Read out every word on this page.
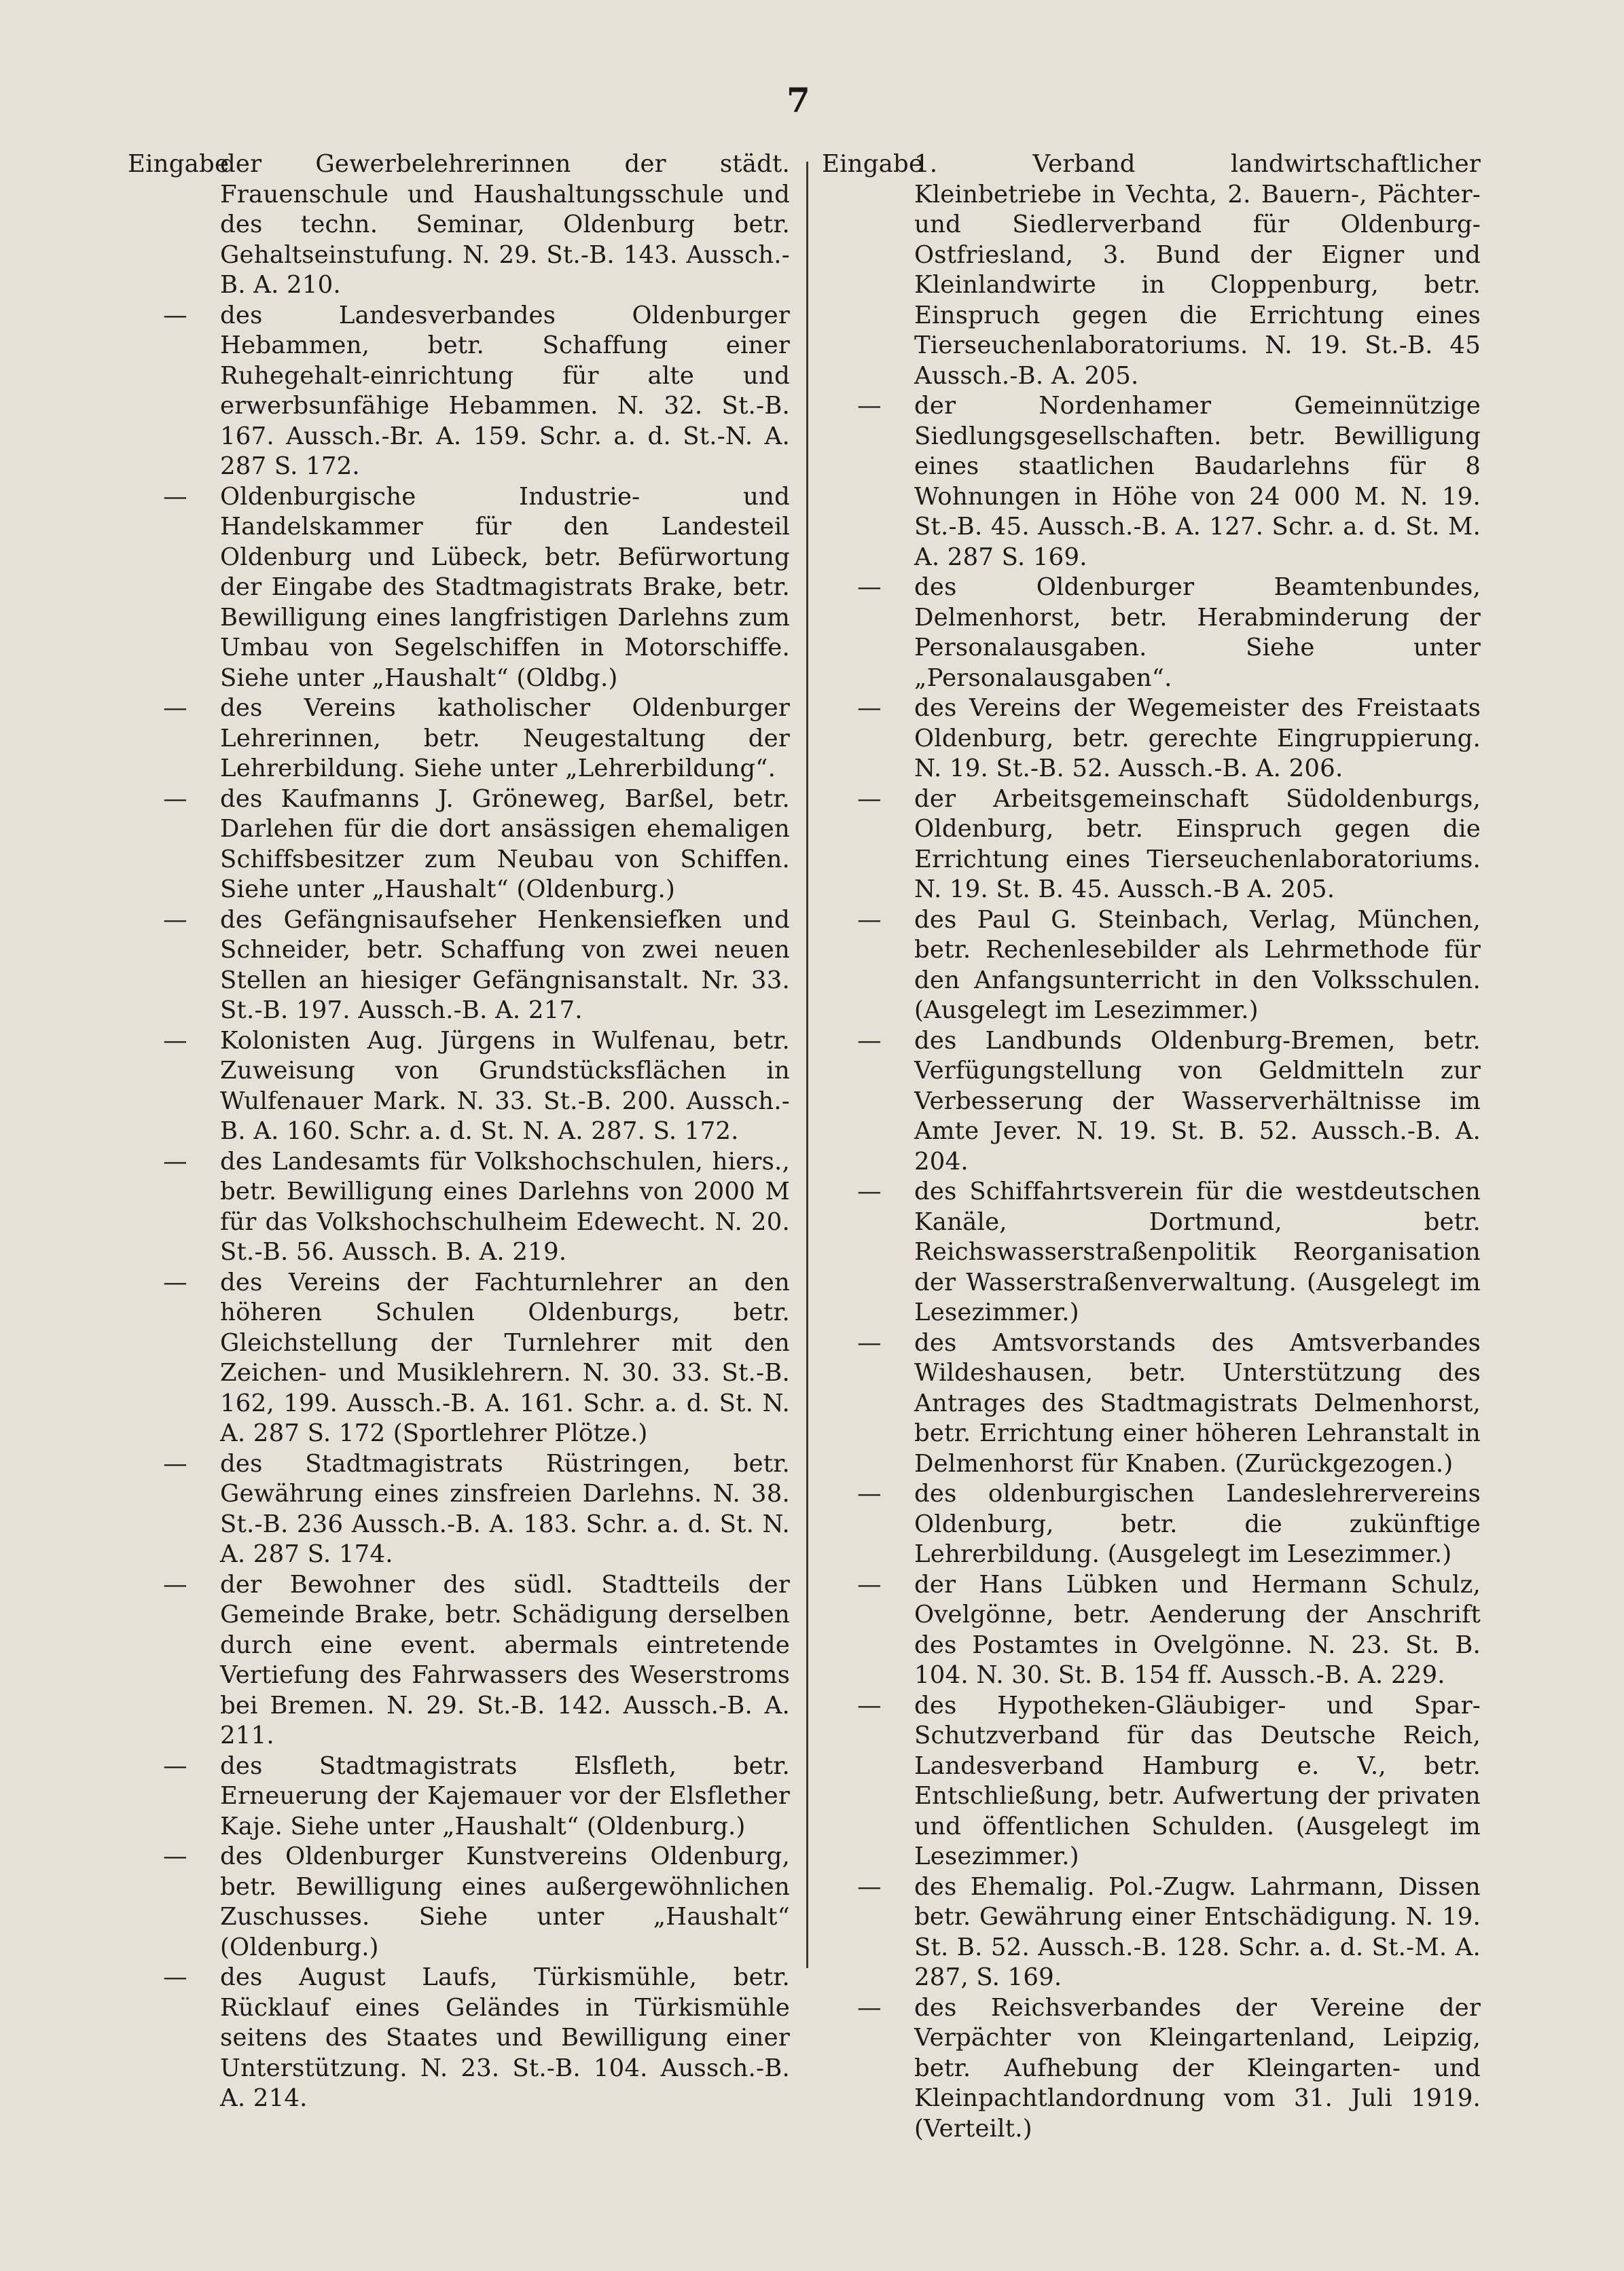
7

Eingabe
der Gewerbelehrerinnen der städt. Frauenschule und Haushaltungsschule und des techn. Seminar, Oldenburg betr. Gehaltseinstufung. N. 29. St.-B. 143. Aussch.-B. A. 210.

— des Landesverbandes Oldenburger Hebammen, betr. Schaffung einer Ruhegehalt-einrichtung für alte und erwerbsunfähige Hebammen. N. 32. St.-B. 167. Aussch.-Br. A. 159. Schr. a. d. St.-N. A. 287 S. 172.

— Oldenburgische Industrie- und Handelskammer für den Landesteil Oldenburg und Lübeck, betr. Befürwortung der Eingabe des Stadtmagistrats Brake, betr. Bewilligung eines langfristigen Darlehns zum Umbau von Segelschiffen in Motorschiffe. Siehe unter „Haushalt“ (Oldbg.)

— des Vereins katholischer Oldenburger Lehrerinnen, betr. Neugestaltung der Lehrerbildung. Siehe unter „Lehrerbildung“.

— des Kaufmanns J. Gröneweg, Barßel, betr. Darlehen für die dort ansässigen ehemaligen Schiffsbesitzer zum Neubau von Schiffen. Siehe unter „Haushalt“ (Oldenburg.)

— des Gefängnisaufseher Henkensiefken und Schneider, betr. Schaffung von zwei neuen Stellen an hiesiger Gefängnisanstalt. Nr. 33. St.-B. 197. Aussch.-B. A. 217.

— Kolonisten Aug. Jürgens in Wulfenau, betr. Zuweisung von Grundstücksflächen in Wulfenauer Mark. N. 33. St.-B. 200. Aussch.-B. A. 160. Schr. a. d. St. N. A. 287. S. 172.

— des Landesamts für Volkshochschulen, hiers., betr. Bewilligung eines Darlehns von 2000 M für das Volkshochschulheim Edewecht. N. 20. St.-B. 56. Aussch. B. A. 219.

— des Vereins der Fachturnlehrer an den höheren Schulen Oldenburgs, betr. Gleichstellung der Turnlehrer mit den Zeichen- und Musiklehrern. N. 30. 33. St.-B. 162, 199. Aussch.-B. A. 161. Schr. a. d. St. N. A. 287 S. 172 (Sportlehrer Plötze.)

— des Stadtmagistrats Rüstringen, betr. Gewährung eines zinsfreien Darlehns. N. 38. St.-B. 236 Aussch.-B. A. 183. Schr. a. d. St. N. A. 287 S. 174.

— der Bewohner des südl. Stadtteils der Gemeinde Brake, betr. Schädigung derselben durch eine event. abermals eintretende Vertiefung des Fahrwassers des Weserstroms bei Bremen. N. 29. St.-B. 142. Aussch.-B. A. 211.

— des Stadtmagistrats Elsfleth, betr. Erneuerung der Kajemauer vor der Elsflether Kaje. Siehe unter „Haushalt“ (Oldenburg.)

— des Oldenburger Kunstvereins Oldenburg, betr. Bewilligung eines außergewöhnlichen Zuschusses. Siehe unter „Haushalt“ (Oldenburg.)

— des August Laufs, Türkismühle, betr. Rücklauf eines Geländes in Türkismühle seitens des Staates und Bewilligung einer Unterstützung. N. 23. St.-B. 104. Aussch.-B. A. 214.

Eingabe
1. Verband landwirtschaftlicher Kleinbetriebe in Vechta, 2. Bauern-, Pächter- und Siedlerverband für Oldenburg-Ostfriesland, 3. Bund der Eigner und Kleinlandwirte in Cloppenburg, betr. Einspruch gegen die Errichtung eines Tierseuchenlaboratoriums. N. 19. St.-B. 45 Aussch.-B. A. 205.

— der Nordenhamer Gemeinnützige Siedlungsgesellschaften. betr. Bewilligung eines staatlichen Baudarlehns für 8 Wohnungen in Höhe von 24 000 M. N. 19. St.-B. 45. Aussch.-B. A. 127. Schr. a. d. St. M. A. 287 S. 169.

— des Oldenburger Beamtenbundes, Delmenhorst, betr. Herabminderung der Personalausgaben. Siehe unter „Personalausgaben“.

— des Vereins der Wegemeister des Freistaats Oldenburg, betr. gerechte Eingruppierung. N. 19. St.-B. 52. Aussch.-B. A. 206.

— der Arbeitsgemeinschaft Südoldenburgs, Oldenburg, betr. Einspruch gegen die Errichtung eines Tierseuchenlaboratoriums. N. 19. St. B. 45. Aussch.-B A. 205.

— des Paul G. Steinbach, Verlag, München, betr. Rechenlesebilder als Lehrmethode für den Anfangsunterricht in den Volksschulen. (Ausgelegt im Lesezimmer.)

— des Landbunds Oldenburg-Bremen, betr. Verfügungstellung von Geldmitteln zur Verbesserung der Wasserverhältnisse im Amte Jever. N. 19. St. B. 52. Aussch.-B. A. 204.

— des Schiffahrtsverein für die westdeutschen Kanäle, Dortmund, betr. Reichswasserstraßenpolitik Reorganisation der Wasserstraßenverwaltung. (Ausgelegt im Lesezimmer.)

— des Amtsvorstands des Amtsverbandes Wildeshausen, betr. Unterstützung des Antrages des Stadtmagistrats Delmenhorst, betr. Errichtung einer höheren Lehranstalt in Delmenhorst für Knaben. (Zurückgezogen.)

— des oldenburgischen Landeslehrervereins Oldenburg, betr. die zukünftige Lehrerbildung. (Ausgelegt im Lesezimmer.)

— der Hans Lübken und Hermann Schulz, Ovelgönne, betr. Aenderung der Anschrift des Postamtes in Ovelgönne. N. 23. St. B. 104. N. 30. St. B. 154 ff. Aussch.-B. A. 229.

— des Hypotheken-Gläubiger- und Spar-Schutzverband für das Deutsche Reich, Landesverband Hamburg e. V., betr. Entschließung, betr. Aufwertung der privaten und öffentlichen Schulden. (Ausgelegt im Lesezimmer.)

— des Ehemalig. Pol.-Zugw. Lahrmann, Dissen betr. Gewährung einer Entschädigung. N. 19. St. B. 52. Aussch.-B. 128. Schr. a. d. St.-M. A. 287, S. 169.

— des Reichsverbandes der Vereine der Verpächter von Kleingartenland, Leipzig, betr. Aufhebung der Kleingarten- und Kleinpachtlandordnung vom 31. Juli 1919. (Verteilt.)
